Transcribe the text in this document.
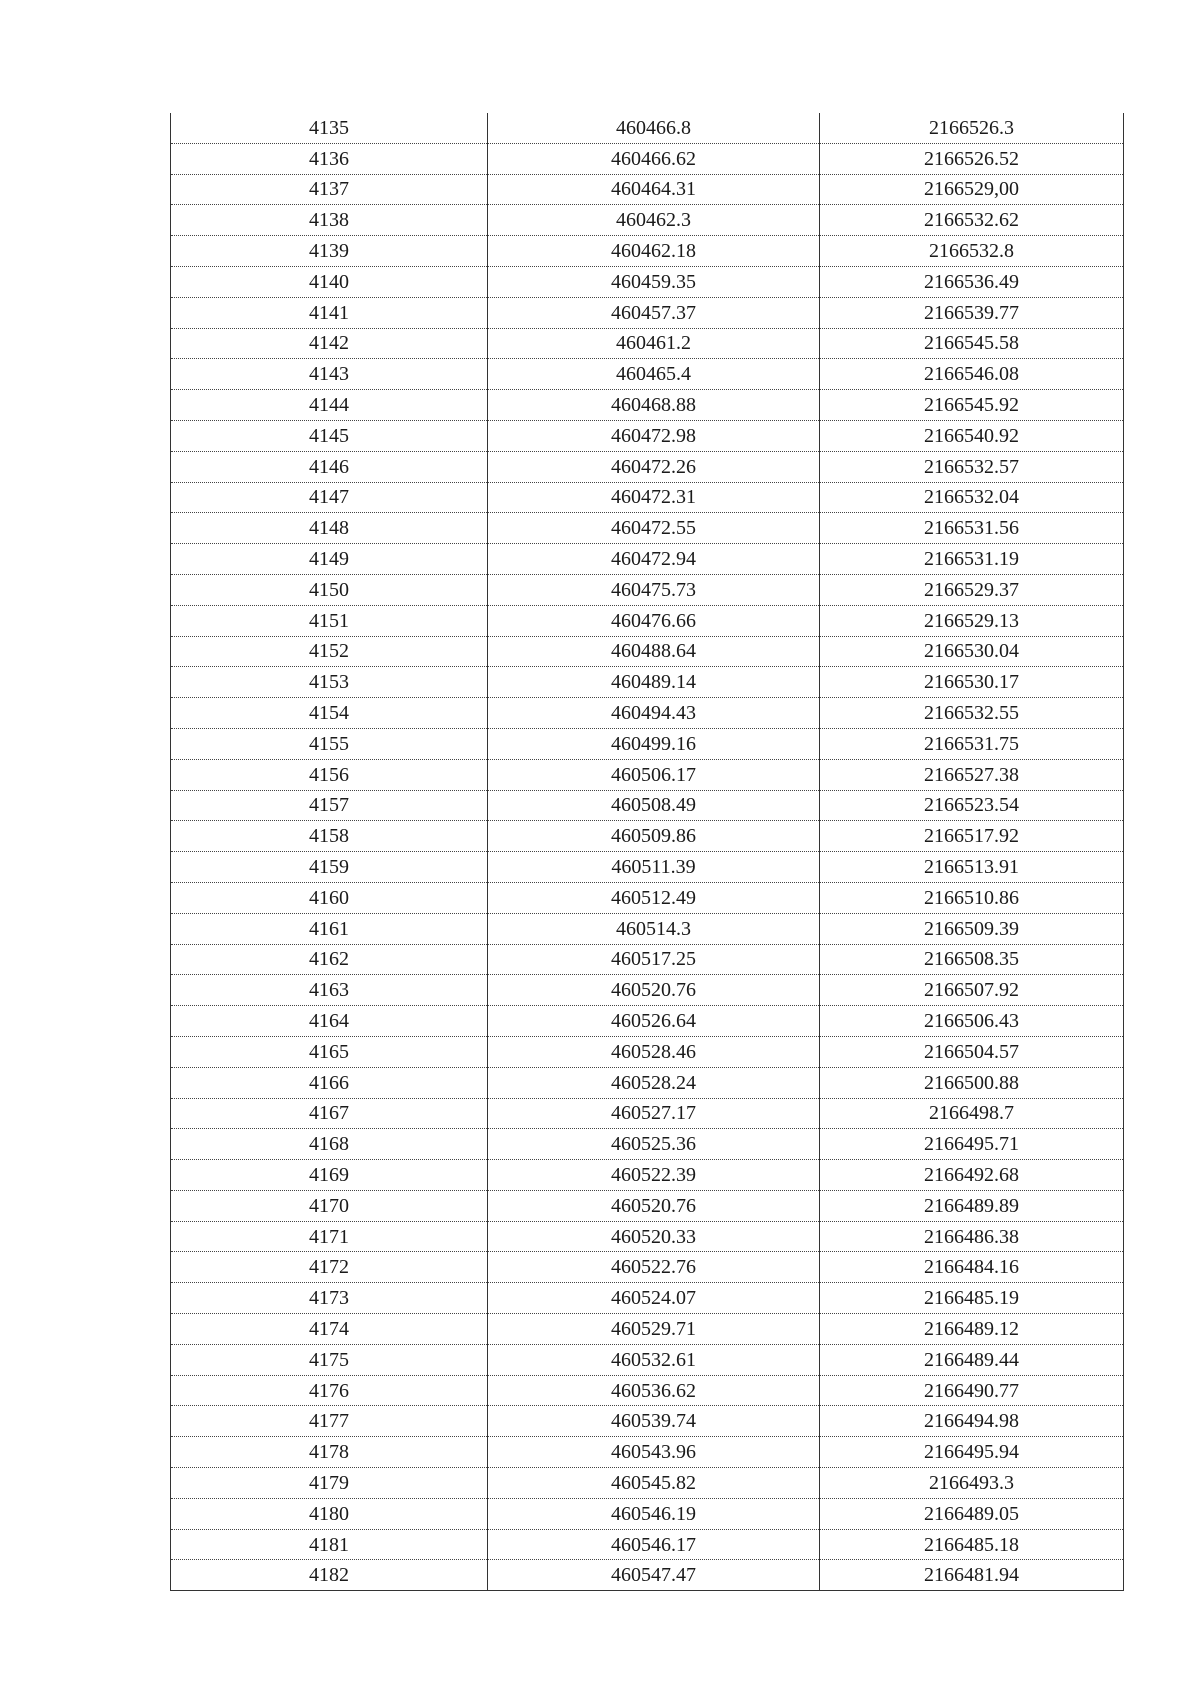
4135	460466.8	2166526.3
4136	460466.62	2166526.52
4137	460464.31	2166529,00
4138	460462.3	2166532.62
4139	460462.18	2166532.8
4140	460459.35	2166536.49
4141	460457.37	2166539.77
4142	460461.2	2166545.58
4143	460465.4	2166546.08
4144	460468.88	2166545.92
4145	460472.98	2166540.92
4146	460472.26	2166532.57
4147	460472.31	2166532.04
4148	460472.55	2166531.56
4149	460472.94	2166531.19
4150	460475.73	2166529.37
4151	460476.66	2166529.13
4152	460488.64	2166530.04
4153	460489.14	2166530.17
4154	460494.43	2166532.55
4155	460499.16	2166531.75
4156	460506.17	2166527.38
4157	460508.49	2166523.54
4158	460509.86	2166517.92
4159	460511.39	2166513.91
4160	460512.49	2166510.86
4161	460514.3	2166509.39
4162	460517.25	2166508.35
4163	460520.76	2166507.92
4164	460526.64	2166506.43
4165	460528.46	2166504.57
4166	460528.24	2166500.88
4167	460527.17	2166498.7
4168	460525.36	2166495.71
4169	460522.39	2166492.68
4170	460520.76	2166489.89
4171	460520.33	2166486.38
4172	460522.76	2166484.16
4173	460524.07	2166485.19
4174	460529.71	2166489.12
4175	460532.61	2166489.44
4176	460536.62	2166490.77
4177	460539.74	2166494.98
4178	460543.96	2166495.94
4179	460545.82	2166493.3
4180	460546.19	2166489.05
4181	460546.17	2166485.18
4182	460547.47	2166481.94
